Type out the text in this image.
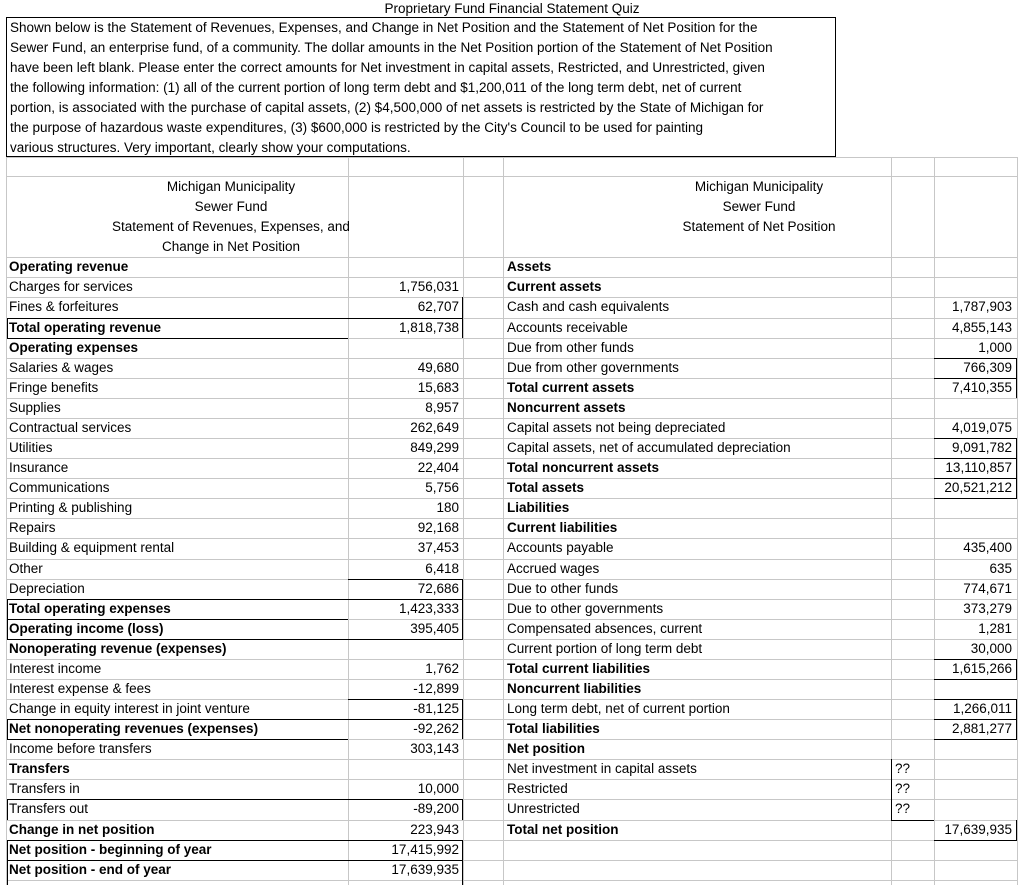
Proprietary Fund Financial Statement Quiz
Shown below is the Statement of Revenues, Expenses, and Change in Net Position and the Statement of Net Position for the
Sewer Fund, an enterprise fund, of a community. The dollar amounts in the Net Position portion of the Statement of Net Position
have been left blank. Please enter the correct amounts for Net investment in capital assets, Restricted, and Unrestricted, given
the following information: (1) all of the current portion of long term debt and $1,200,011 of the long term debt, net of current
portion, is associated with the purchase of capital assets, (2) $4,500,000 of net assets is restricted by the State of Michigan for
the purpose of hazardous waste expenditures, (3) $600,000 is restricted by the City's Council to be used for painting
various structures. Very important, clearly show your computations.
Michigan Municipality
Sewer Fund
Statement of Revenues, Expenses, and
Change in Net Position
Michigan Municipality
Sewer Fund
Statement of Net Position
Operating revenue
Charges for services	1,756,031
Fines & forfeitures	62,707
Total operating revenue	1,818,738
Operating expenses
Salaries & wages	49,680
Fringe benefits	15,683
Supplies	8,957
Contractual services	262,649
Utilities	849,299
Insurance	22,404
Communications	5,756
Printing & publishing	180
Repairs	92,168
Building & equipment rental	37,453
Other	6,418
Depreciation	72,686
Total operating expenses	1,423,333
Operating income (loss)	395,405
Nonoperating revenue (expenses)
Interest income	1,762
Interest expense & fees	-12,899
Change in equity interest in joint venture	-81,125
Net nonoperating revenues (expenses)	-92,262
Income before transfers	303,143
Transfers
Transfers in	10,000
Transfers out	-89,200
Change in net position	223,943
Net position - beginning of year	17,415,992
Net position - end of year	17,639,935
Assets
Current assets
Cash and cash equivalents	1,787,903
Accounts receivable	4,855,143
Due from other funds	1,000
Due from other governments	766,309
Total current assets	7,410,355
Noncurrent assets
Capital assets not being depreciated	4,019,075
Capital assets, net of accumulated depreciation	9,091,782
Total noncurrent assets	13,110,857
Total assets	20,521,212
Liabilities
Current liabilities
Accounts payable	435,400
Accrued wages	635
Due to other funds	774,671
Due to other governments	373,279
Compensated absences, current	1,281
Current portion of long term debt	30,000
Total current liabilities	1,615,266
Noncurrent liabilities
Long term debt, net of current portion	1,266,011
Total liabilities	2,881,277
Net position
Net investment in capital assets	??
Restricted	??
Unrestricted	??
Total net position	17,639,935
